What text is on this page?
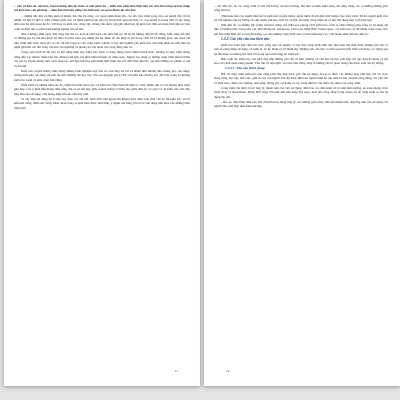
... văn và bản sắc văn hóa, truyền thống dân tộc luôn có mối quan hệ ... Kiến trúc phải biểu hiện bản sắc văn hóa trong sự hòa nhập với kiến trúc của phương ... dám bảo tính bền vững cho kiến trúc và sự ổn định của văn hóa

... những đặc thù về điều kiện tự nhiên, đặc thù lối sống, các quan niệm thẩm mỹ, các ước mơ, khát vọng của con người đối với tự nhiên, xã hội và nhà ở. Môi trường kiến trúc và thiên nhiên luôn gắn bó trong mối quan hệ hữu cơ, con người là trung tâm và tác động đến toàn bộ mối quan hệ đó. Văn hóa và kiến trúc cũng vậy, chúng cần được gìn giữ, phát huy để kiến trúc thật sự mang tính dân tộc bên cạnh sự hiện đại và phát triển không ngừng của xã hội.

Nhà ở không phải ngày một ngày hai mà có, lịch sử phát triển của mỗi dân tộc đã để lại những dấu ấn rất riêng. Mỗi vùng đất đều có những giá trị văn hóa được kế thừa và phát triển qua nhiều thế hệ. Điều đó thể hiện rõ nét trong cách bố trí không gian, lựa chọn vật liệu, hình thức mái, màu sắc và các chi tiết trang trí của công trình. Chính vì vậy, khi nghiên cứu kiến trúc cần nhìn nhận nó như một bộ phận gắn liền với đời sống văn hóa, tín ngưỡng và phong tục tập quán của cộng đồng dân cư.

Trong quá trình đô thị hóa và hội nhập hiện nay, kiến trúc nước ta đang đứng trước nhiều thách thức. Không ít công trình mang dáng dấp vay mượn, thiếu bản sắc, không phù hợp với điều kiện khí hậu và cảnh quan. Ngược lại, cũng có những công trình biết kế thừa các giá trị truyền thống một cách sáng tạo, kết hợp hài hòa giữa hình thức hiện đại với tinh thần dân tộc, tạo nên những tác phẩm có giá trị lâu dài.

Kiến trúc truyền thống chứa đựng những kinh nghiệm quý báu về cách ứng xử với tự nhiên như hướng nhà, thông gió, che nắng, chống mưa bão, sử dụng vật liệu tại chỗ. Những bài học này vẫn còn nguyên giá trị đối với kiến trúc đương đại, đặc biệt trong xu hướng kiến trúc xanh và phát triển bền vững.

Năm 1995 và những năm sau đó, nhiều hội thảo khoa học về kiến trúc Việt Nam đã được tổ chức nhằm tìm ra con đường phát triển phù hợp. Các ý kiến đều thống nhất rằng cần có sự kết hợp giữa truyền thống và hiện đại, giữa dân tộc và quốc tế, để kiến trúc vừa đáp ứng nhu cầu sử dụng, vừa mang đậm bản sắc văn hóa Việt.

Vì vậy nếu chỉ dừng lại ở việc sao chép các chi tiết, hình thức bên ngoài mà không hiểu được bản chất của nó thì kiến trúc sẽ trở nên khô cứng, thiếu sức sống. Điều quan trọng là phải hiểu được tinh thần, ý nghĩa của từng yếu tố để vận dụng linh hoạt vào những điều kiện mới.

11

... sắc dân tộc, để các công trình có thể thích ứng với môi trường, khí hậu và điều kiện sống của từng vùng, tạo ra những không gian sống hài hòa.

Tầm hiểu biết của người thiết kế về kiến trúc truyền thống quyết định rất lớn đến chất lượng của công trình. Từ đó, người kiến trúc sư cần nghiên cứu kỹ lưỡng các đặc điểm văn hóa, lịch sử, xã hội của từng vùng miền để có thể vận dụng một cách phù hợp.

Mỗi dân tộc có những đặc trưng văn hóa riêng, thể hiện qua phong cách kiến trúc, cách tổ chức không gian sống và sử dụng vật liệu. Ở nhiều nước trong khu vực như Malaysia, Indonesia, Thái Lan, Nhật Bản, Trung Quốc, các kiến trúc sư đã thành công trong việc kết hợp giữa hiện đại và truyền thống, tạo nên những công trình vừa có tính thẩm mỹ cao, vừa mang đậm bản sắc dân tộc.

1.2.2. Các yêu cầu của kiến trúc

Kiến trúc luôn gắn chặt với cuộc sống của con người, vì vậy mọi công trình kiến trúc đều phải đáp ứng được những yêu cầu cơ bản về công năng sử dụng, về kinh tế, về kỹ thuật và về thẩm mỹ. Những yêu cầu này có mối quan hệ mật thiết với nhau, tác động qua lại lẫn nhau và không thể tách rời trong quá trình sáng tác kiến trúc.

Bên cạnh đó, kiến trúc còn phải đáp ứng những yêu cầu về môi trường, về văn hóa xã hội, phù hợp với quy hoạch chung và hài hòa với cảnh quan xung quanh. Yêu cầu về tiện nghi, an toàn, bền vững cũng là những yếu tố quan trọng cần được xem xét kỹ lưỡng.

1.2.2.1. Yêu cầu thích dụng

Bất cứ công trình kiến trúc nào cũng phải đáp ứng được yêu cầu sử dụng, để tạo ra được các không gian phù hợp với các hoạt động sống, học tập, làm việc, giải trí của con người. Để đạt được điều đó, người thiết kế cần nắm rõ dây chuyền công năng, các yêu cầu về diện tích, chiều cao, hướng, ánh sáng, thông gió, cách âm và các trang thiết bị cần thiết cho từng loại công trình.

Công trình cần được bố trí hợp lý, thuận tiện cho việc sử dụng, đảm bảo các điều kiện về vệ sinh môi trường, an toàn phòng cháy chữa cháy và thoát hiểm. Đồng thời cũng cần tính đến khả năng mở rộng, thay đổi công năng trong tương lai để công trình có thể sử dụng lâu dài.

- Bố cục mặt bằng đảm bảo dây chuyền hoạt động hợp lý, các không gian được liên kết thuận tiện, đáp ứng nhu cầu sử dụng của người dân, phù hợp điều kiện khí hậu.

12
